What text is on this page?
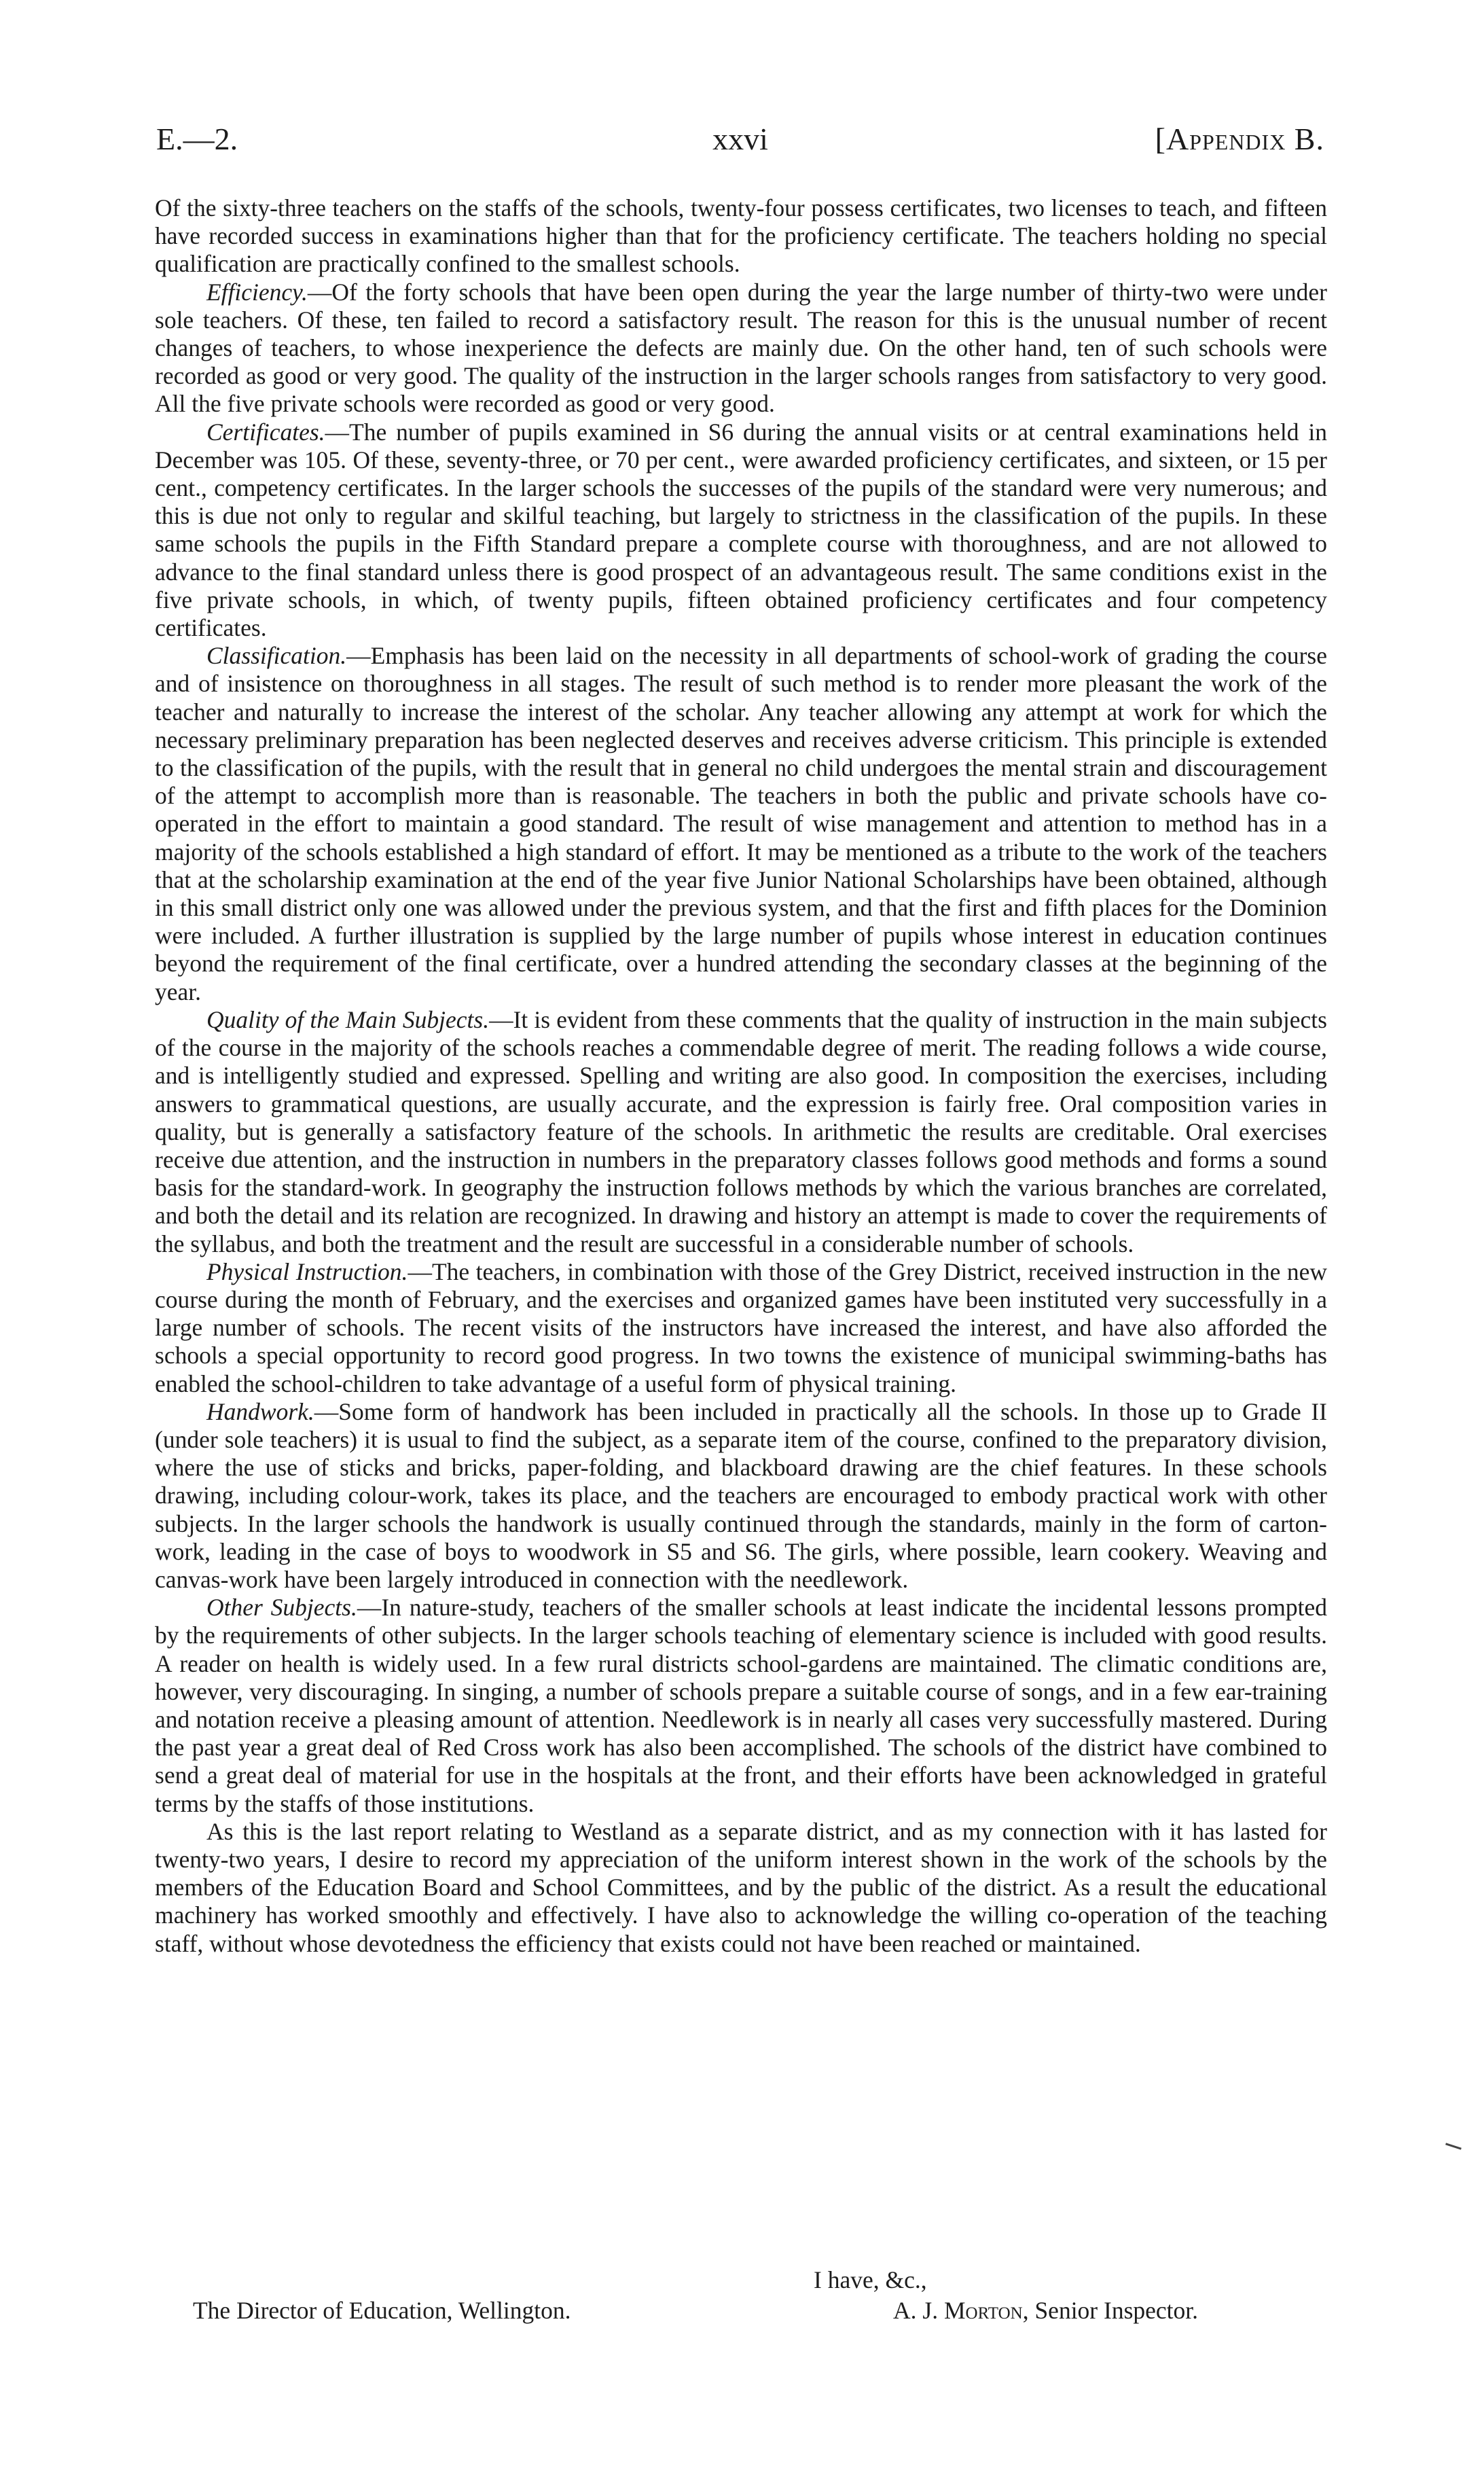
E.—2.	xxvi	[Appendix B.

Of the sixty-three teachers on the staffs of the schools, twenty-four possess certificates, two licenses to teach, and fifteen have recorded success in examinations higher than that for the proficiency certificate. The teachers holding no special qualification are practically confined to the smallest schools.

Efficiency.—Of the forty schools that have been open during the year the large number of thirty-two were under sole teachers. Of these, ten failed to record a satisfactory result. The reason for this is the unusual number of recent changes of teachers, to whose inexperience the defects are mainly due. On the other hand, ten of such schools were recorded as good or very good. The quality of the instruction in the larger schools ranges from satisfactory to very good. All the five private schools were recorded as good or very good.

Certificates.—The number of pupils examined in S6 during the annual visits or at central examinations held in December was 105. Of these, seventy-three, or 70 per cent., were awarded proficiency certificates, and sixteen, or 15 per cent., competency certificates. In the larger schools the successes of the pupils of the standard were very numerous; and this is due not only to regular and skilful teaching, but largely to strictness in the classification of the pupils. In these same schools the pupils in the Fifth Standard prepare a complete course with thoroughness, and are not allowed to advance to the final standard unless there is good prospect of an advantageous result. The same conditions exist in the five private schools, in which, of twenty pupils, fifteen obtained proficiency certificates and four competency certificates.

Classification.—Emphasis has been laid on the necessity in all departments of school-work of grading the course and of insistence on thoroughness in all stages. The result of such method is to render more pleasant the work of the teacher and naturally to increase the interest of the scholar. Any teacher allowing any attempt at work for which the necessary preliminary preparation has been neglected deserves and receives adverse criticism. This principle is extended to the classification of the pupils, with the result that in general no child undergoes the mental strain and discouragement of the attempt to accomplish more than is reasonable. The teachers in both the public and private schools have co-operated in the effort to maintain a good standard. The result of wise management and attention to method has in a majority of the schools established a high standard of effort. It may be mentioned as a tribute to the work of the teachers that at the scholarship examination at the end of the year five Junior National Scholarships have been obtained, although in this small district only one was allowed under the previous system, and that the first and fifth places for the Dominion were included. A further illustration is supplied by the large number of pupils whose interest in education continues beyond the requirement of the final certificate, over a hundred attending the secondary classes at the beginning of the year.

Quality of the Main Subjects.—It is evident from these comments that the quality of instruction in the main subjects of the course in the majority of the schools reaches a commendable degree of merit. The reading follows a wide course, and is intelligently studied and expressed. Spelling and writing are also good. In composition the exercises, including answers to grammatical questions, are usually accurate, and the expression is fairly free. Oral composition varies in quality, but is generally a satisfactory feature of the schools. In arithmetic the results are creditable. Oral exercises receive due attention, and the instruction in numbers in the preparatory classes follows good methods and forms a sound basis for the standard-work. In geography the instruction follows methods by which the various branches are correlated, and both the detail and its relation are recognized. In drawing and history an attempt is made to cover the requirements of the syllabus, and both the treatment and the result are successful in a considerable number of schools.

Physical Instruction.—The teachers, in combination with those of the Grey District, received instruction in the new course during the month of February, and the exercises and organized games have been instituted very successfully in a large number of schools. The recent visits of the instructors have increased the interest, and have also afforded the schools a special opportunity to record good progress. In two towns the existence of municipal swimming-baths has enabled the school-children to take advantage of a useful form of physical training.

Handwork.—Some form of handwork has been included in practically all the schools. In those up to Grade II (under sole teachers) it is usual to find the subject, as a separate item of the course, confined to the preparatory division, where the use of sticks and bricks, paper-folding, and blackboard drawing are the chief features. In these schools drawing, including colour-work, takes its place, and the teachers are encouraged to embody practical work with other subjects. In the larger schools the handwork is usually continued through the standards, mainly in the form of carton-work, leading in the case of boys to woodwork in S5 and S6. The girls, where possible, learn cookery. Weaving and canvas-work have been largely introduced in connection with the needlework.

Other Subjects.—In nature-study, teachers of the smaller schools at least indicate the incidental lessons prompted by the requirements of other subjects. In the larger schools teaching of elementary science is included with good results. A reader on health is widely used. In a few rural districts school-gardens are maintained. The climatic conditions are, however, very discouraging. In singing, a number of schools prepare a suitable course of songs, and in a few ear-training and notation receive a pleasing amount of attention. Needlework is in nearly all cases very successfully mastered. During the past year a great deal of Red Cross work has also been accomplished. The schools of the district have combined to send a great deal of material for use in the hospitals at the front, and their efforts have been acknowledged in grateful terms by the staffs of those institutions.

As this is the last report relating to Westland as a separate district, and as my connection with it has lasted for twenty-two years, I desire to record my appreciation of the uniform interest shown in the work of the schools by the members of the Education Board and School Committees, and by the public of the district. As a result the educational machinery has worked smoothly and effectively. I have also to acknowledge the willing co-operation of the teaching staff, without whose devotedness the efficiency that exists could not have been reached or maintained.

I have, &c.,
The Director of Education, Wellington.	A. J. Morton, Senior Inspector.
